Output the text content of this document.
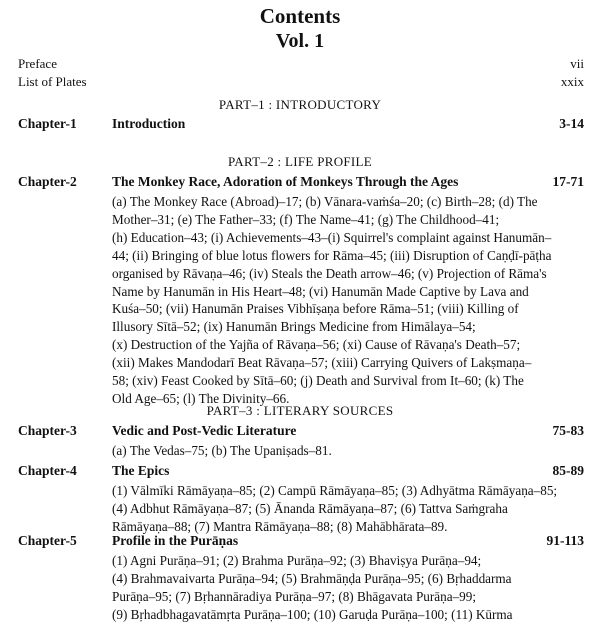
Contents
Vol. 1
Preface	vii
List of Plates	xxix
PART–1 : INTRODUCTORY
Chapter-1	Introduction	3-14
PART–2 : LIFE PROFILE
Chapter-2	The Monkey Race, Adoration of Monkeys Through the Ages	17-71
(a) The Monkey Race (Abroad)–17; (b) Vānara-vaṁśa–20; (c) Birth–28; (d) The
Mother–31; (e) The Father–33; (f) The Name–41; (g) The Childhood–41;
(h) Education–43; (i) Achievements–43–(i) Squirrel's complaint against Hanumān–
44; (ii) Bringing of blue lotus flowers for Rāma–45; (iii) Disruption of Caṇḍī-pāṭha
organised by Rāvaṇa–46; (iv) Steals the Death arrow–46; (v) Projection of Rāma's
Name by Hanumān in His Heart–48; (vi) Hanumān Made Captive by Lava and
Kuśa–50; (vii) Hanumān Praises Vibhīṣaṇa before Rāma–51; (viii) Killing of
Illusory Sītā–52; (ix) Hanumān Brings Medicine from Himālaya–54;
(x) Destruction of the Yajña of Rāvaṇa–56; (xi) Cause of Rāvaṇa's Death–57;
(xii) Makes Mandodarī Beat Rāvaṇa–57; (xiii) Carrying Quivers of Lakṣmaṇa–
58; (xiv) Feast Cooked by Sītā–60; (j) Death and Survival from It–60; (k) The
Old Age–65; (l) The Divinity–66.
PART–3 : LITERARY SOURCES
Chapter-3	Vedic and Post-Vedic Literature	75-83
(a) The Vedas–75; (b) The Upaniṣads–81.
Chapter-4	The Epics	85-89
(1) Vālmīki Rāmāyaṇa–85; (2) Campū Rāmāyaṇa–85; (3) Adhyātma Rāmāyaṇa–85;
(4) Adbhut Rāmāyaṇa–87; (5) Ānanda Rāmāyaṇa–87; (6) Tattva Saṁgraha
Rāmāyaṇa–88; (7) Mantra Rāmāyaṇa–88; (8) Mahābhārata–89.
Chapter-5	Profile in the Purāṇas	91-113
(1) Agni Purāṇa–91; (2) Brahma Purāṇa–92; (3) Bhaviṣya Purāṇa–94;
(4) Brahmavaivarta Purāṇa–94; (5) Brahmāṇḍa Purāṇa–95; (6) Bṛhaddarma
Purāṇa–95; (7) Bṛhannāradiya Purāṇa–97; (8) Bhāgavata Purāṇa–99;
(9) Bṛhadbhagavatāmṛta Purāṇa–100; (10) Garuḍa Purāṇa–100; (11) Kūrma
